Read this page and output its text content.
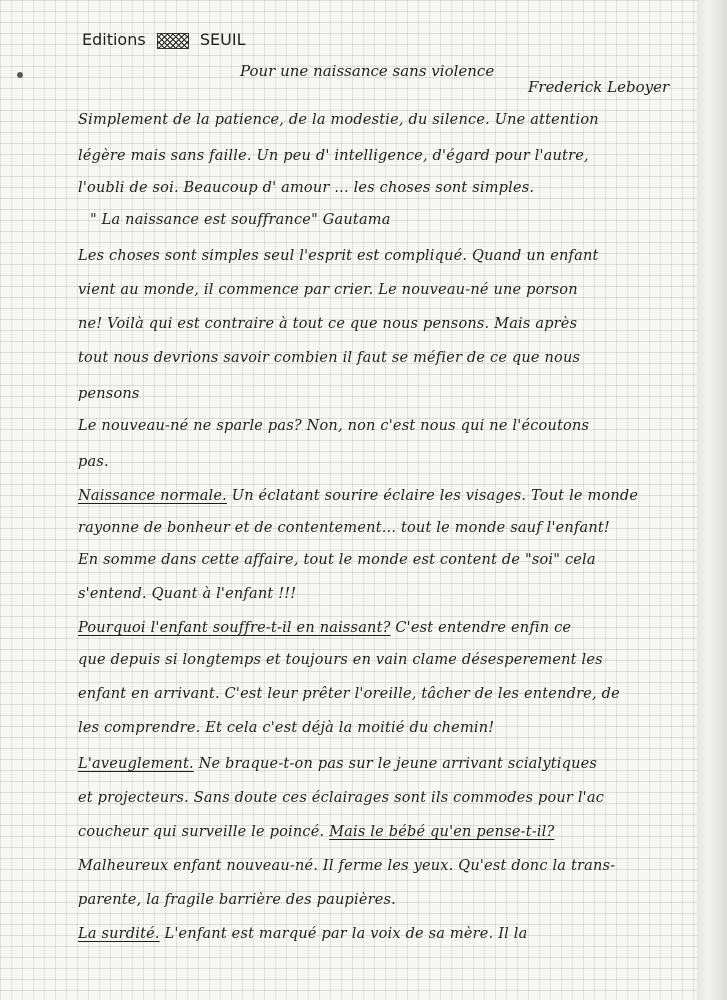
Editions	SEUIL
Pour une naissance sans violence
Frederick Leboyer
Simplement de la patience, de la modestie, du silence. Une attention
légère mais sans faille. Un peu d' intelligence, d'égard pour l'autre,
l'oubli de soi. Beaucoup d' amour ... les choses sont simples.
" La naissance est souffrance" Gautama
Les choses sont simples seul l'esprit est compliqué. Quand un enfant
vient au monde, il commence par crier. Le nouveau-né une porson
ne! Voilà qui est contraire à tout ce que nous pensons. Mais après
tout nous devrions savoir combien il faut se méfier de ce que nous
pensons
Le nouveau-né ne sparle pas? Non, non c'est nous qui ne l'écoutons
pas.
Naissance normale. Un éclatant sourire éclaire les visages. Tout le monde
rayonne de bonheur et de contentement... tout le monde sauf l'enfant!
En somme dans cette affaire, tout le monde est content de "soi" cela
s'entend. Quant à l'enfant !!!
Pourquoi l'enfant souffre-t-il en naissant? C'est entendre enfin ce
que depuis si longtemps et toujours en vain clame désesperement les
enfant en arrivant. C'est leur prêter l'oreille, tâcher de les entendre, de
les comprendre. Et cela c'est déjà la moitié du chemin!
L'aveuglement. Ne braque-t-on pas sur le jeune arrivant scialytiques
et projecteurs. Sans doute ces éclairages sont ils commodes pour l'ac
coucheur qui surveille le poincé. Mais le bébé qu'en pense-t-il?
Malheureux enfant nouveau-né. Il ferme les yeux. Qu'est donc la trans-
parente, la fragile barrière des paupières.
La surdité. L'enfant est marqué par la voix de sa mère. Il la
